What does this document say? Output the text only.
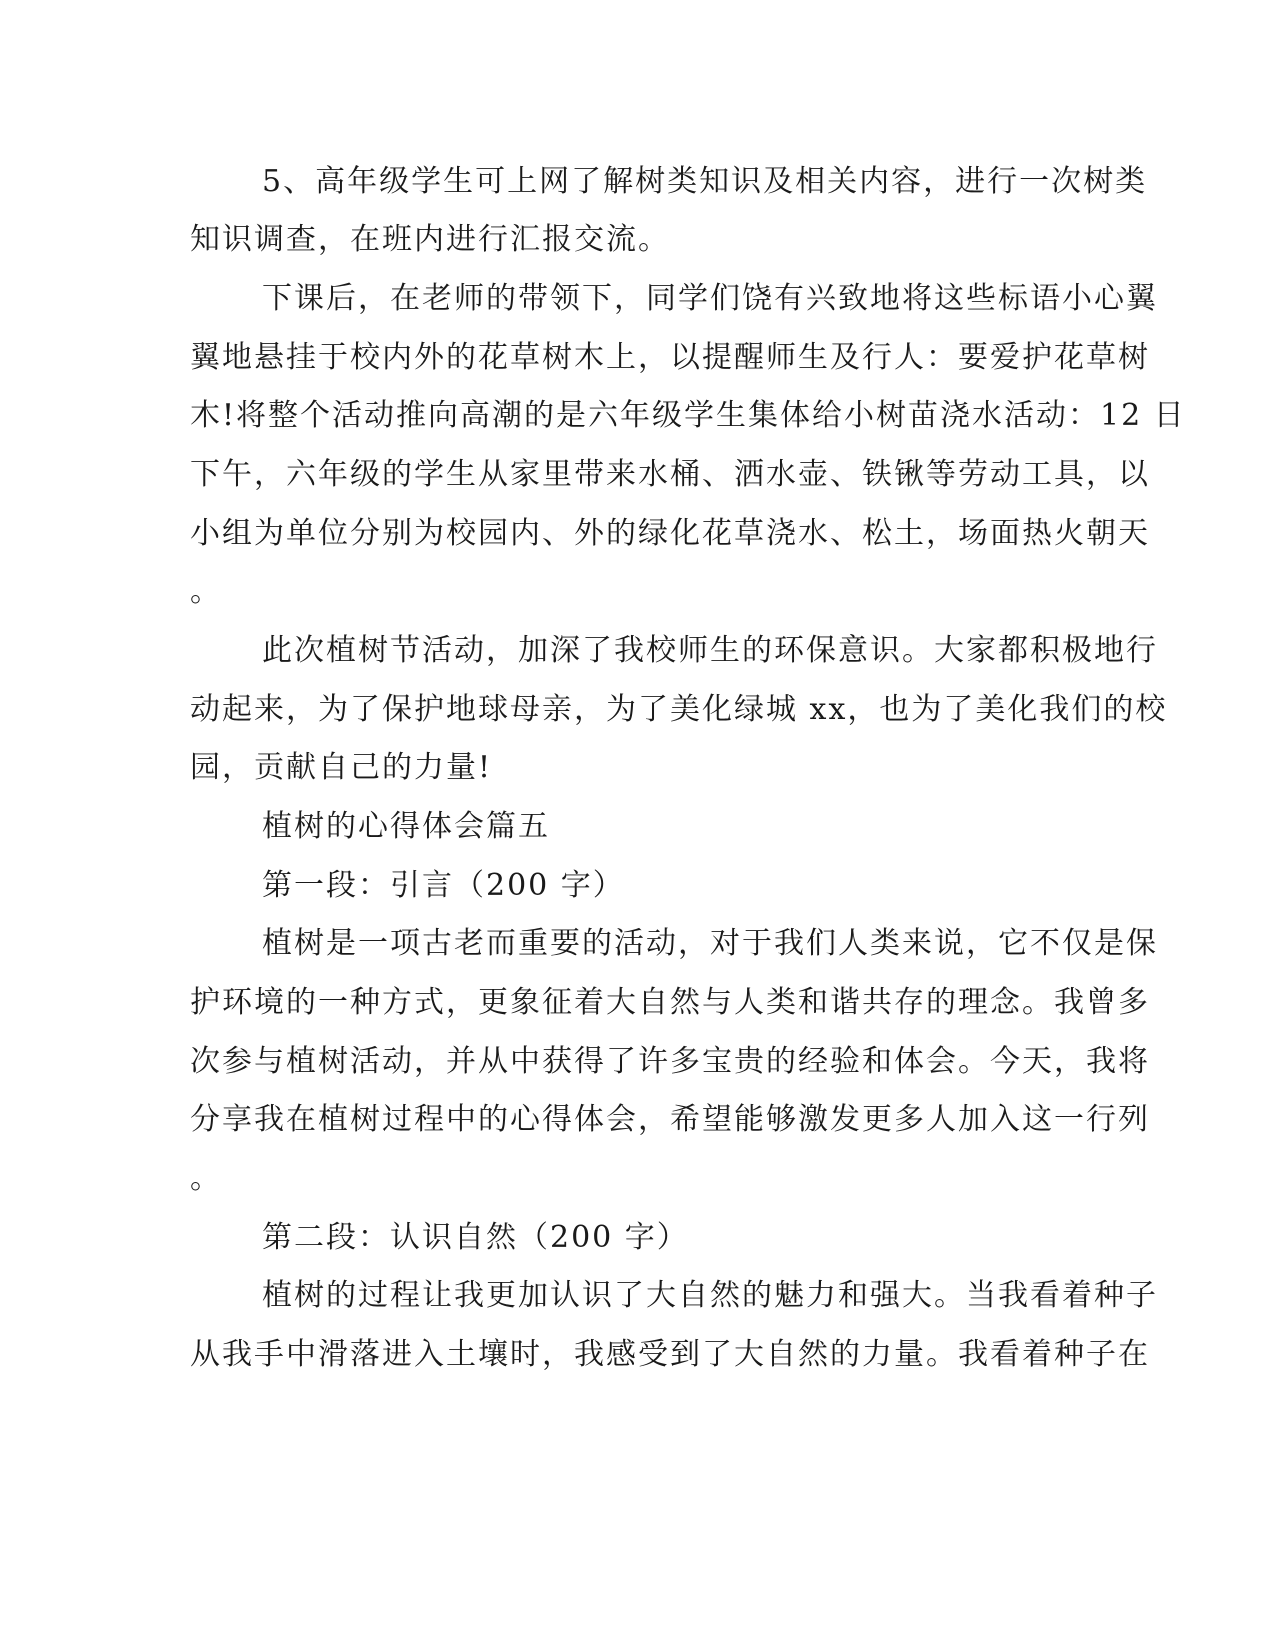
5、高年级学生可上网了解树类知识及相关内容，进行一次树类
知识调查，在班内进行汇报交流。
下课后，在老师的带领下，同学们饶有兴致地将这些标语小心翼
翼地悬挂于校内外的花草树木上，以提醒师生及行人：要爱护花草树
木!将整个活动推向高潮的是六年级学生集体给小树苗浇水活动：12 日
下午，六年级的学生从家里带来水桶、洒水壶、铁锹等劳动工具，以
小组为单位分别为校园内、外的绿化花草浇水、松土，场面热火朝天
。
此次植树节活动，加深了我校师生的环保意识。大家都积极地行
动起来，为了保护地球母亲，为了美化绿城 xx，也为了美化我们的校
园，贡献自己的力量!
植树的心得体会篇五
第一段：引言（200 字）
植树是一项古老而重要的活动，对于我们人类来说，它不仅是保
护环境的一种方式，更象征着大自然与人类和谐共存的理念。我曾多
次参与植树活动，并从中获得了许多宝贵的经验和体会。今天，我将
分享我在植树过程中的心得体会，希望能够激发更多人加入这一行列
。
第二段：认识自然（200 字）
植树的过程让我更加认识了大自然的魅力和强大。当我看着种子
从我手中滑落进入土壤时，我感受到了大自然的力量。我看着种子在
